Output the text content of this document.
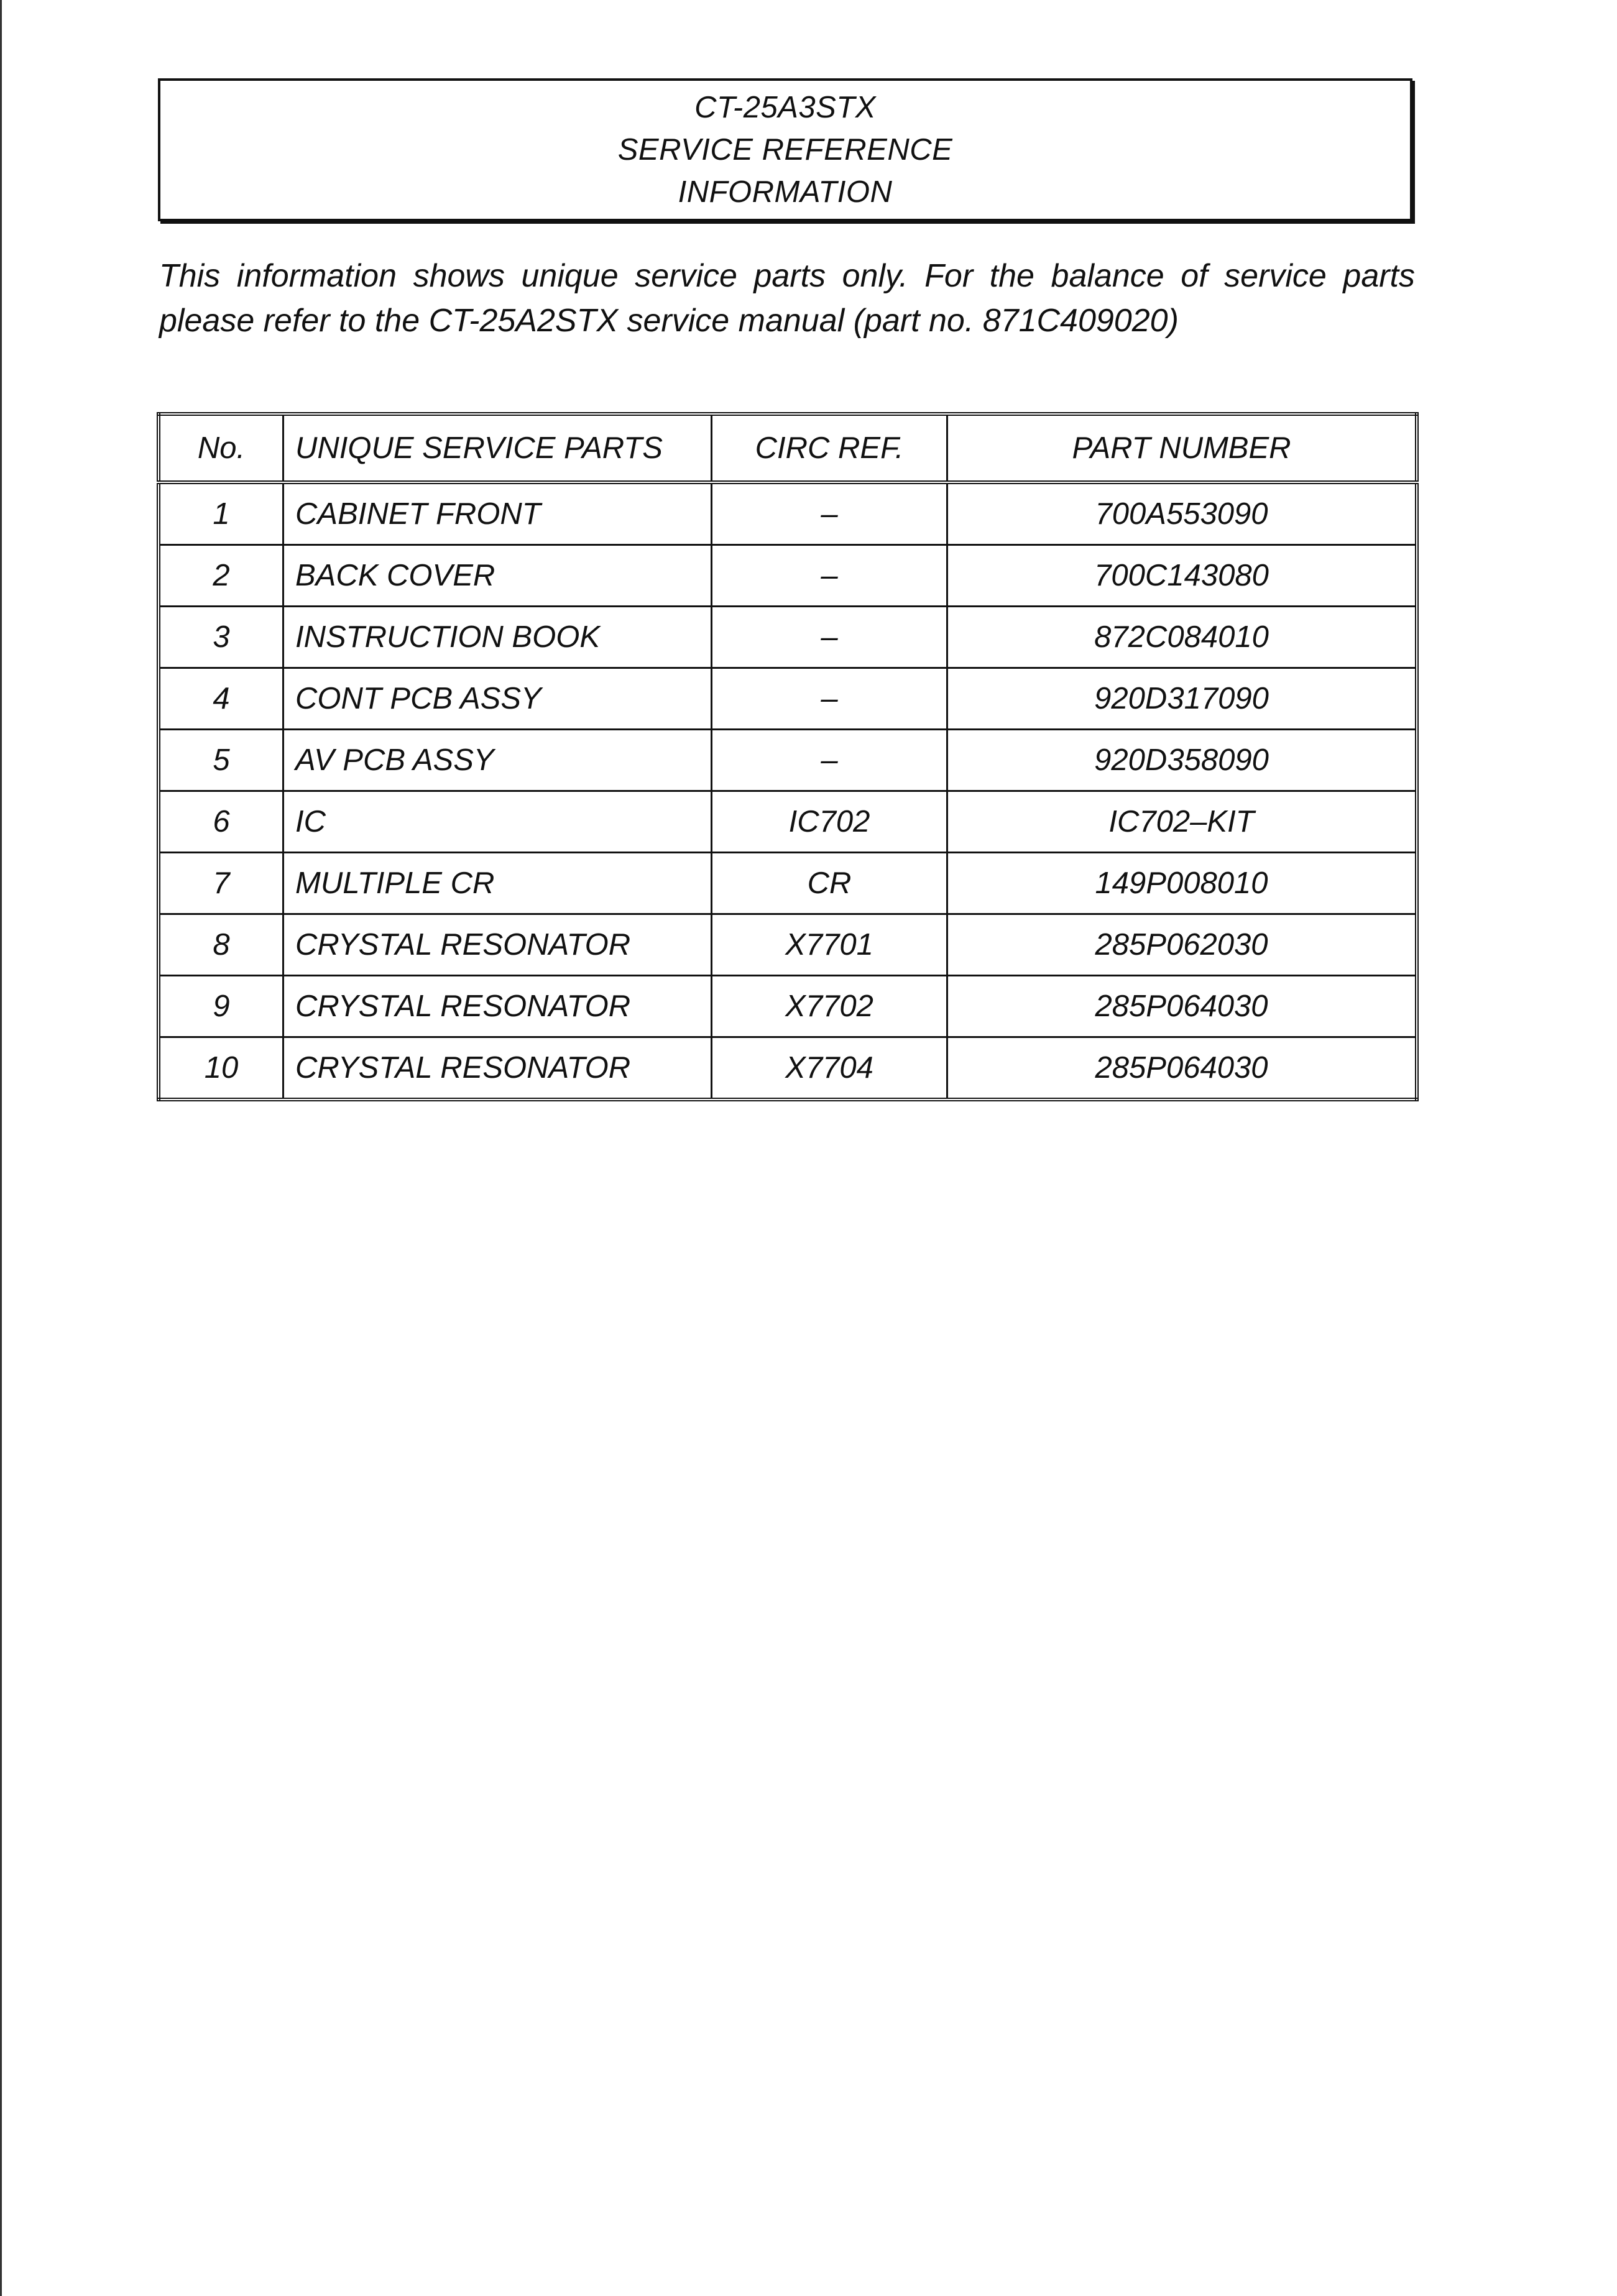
CT-25A3STX
SERVICE REFERENCE
INFORMATION
This information shows unique service parts only. For the balance of service parts
please refer to the CT-25A2STX service manual (part no. 871C409020)
No.	UNIQUE SERVICE PARTS	CIRC REF.	PART NUMBER
1	CABINET FRONT	–	700A553090
2	BACK COVER	–	700C143080
3	INSTRUCTION BOOK	–	872C084010
4	CONT PCB ASSY	–	920D317090
5	AV PCB ASSY	–	920D358090
6	IC	IC702	IC702–KIT
7	MULTIPLE CR	CR	149P008010
8	CRYSTAL RESONATOR	X7701	285P062030
9	CRYSTAL RESONATOR	X7702	285P064030
10	CRYSTAL RESONATOR	X7704	285P064030
